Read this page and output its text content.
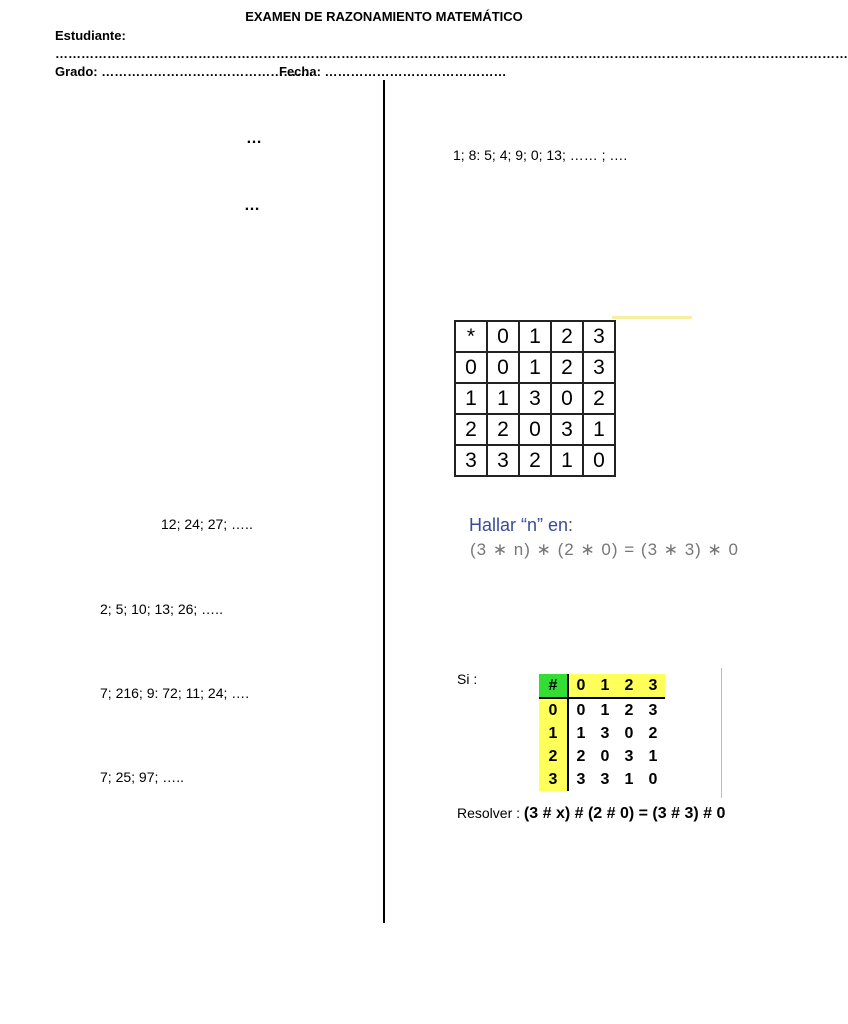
EXAMEN DE RAZONAMIENTO MATEMÁTICO
Estudiante:
…………………………………………………………………………………………………………………………………………………………………
Grado: ………………………………………….
Fecha: ……………………………………
…
…
12; 24; 27; …..
2; 5; 10; 13; 26; …..
7; 216; 9: 72; 11; 24; ….
7; 25; 97; …..
1; 8: 5; 4; 9; 0; 13; …… ; ….
*	0	1	2	3
0	0	1	2	3
1	1	3	0	2
2	2	0	3	1
3	3	2	1	0
Hallar “n” en:
(3 ∗ n) ∗ (2 ∗ 0) = (3 ∗ 3) ∗ 0
Si :	#	0	1	2	3
0	0	1	2	3
1	1	3	0	2
2	2	0	3	1
3	3	3	1	0
Resolver : (3 # x) # (2 # 0) = (3 # 3) # 0
